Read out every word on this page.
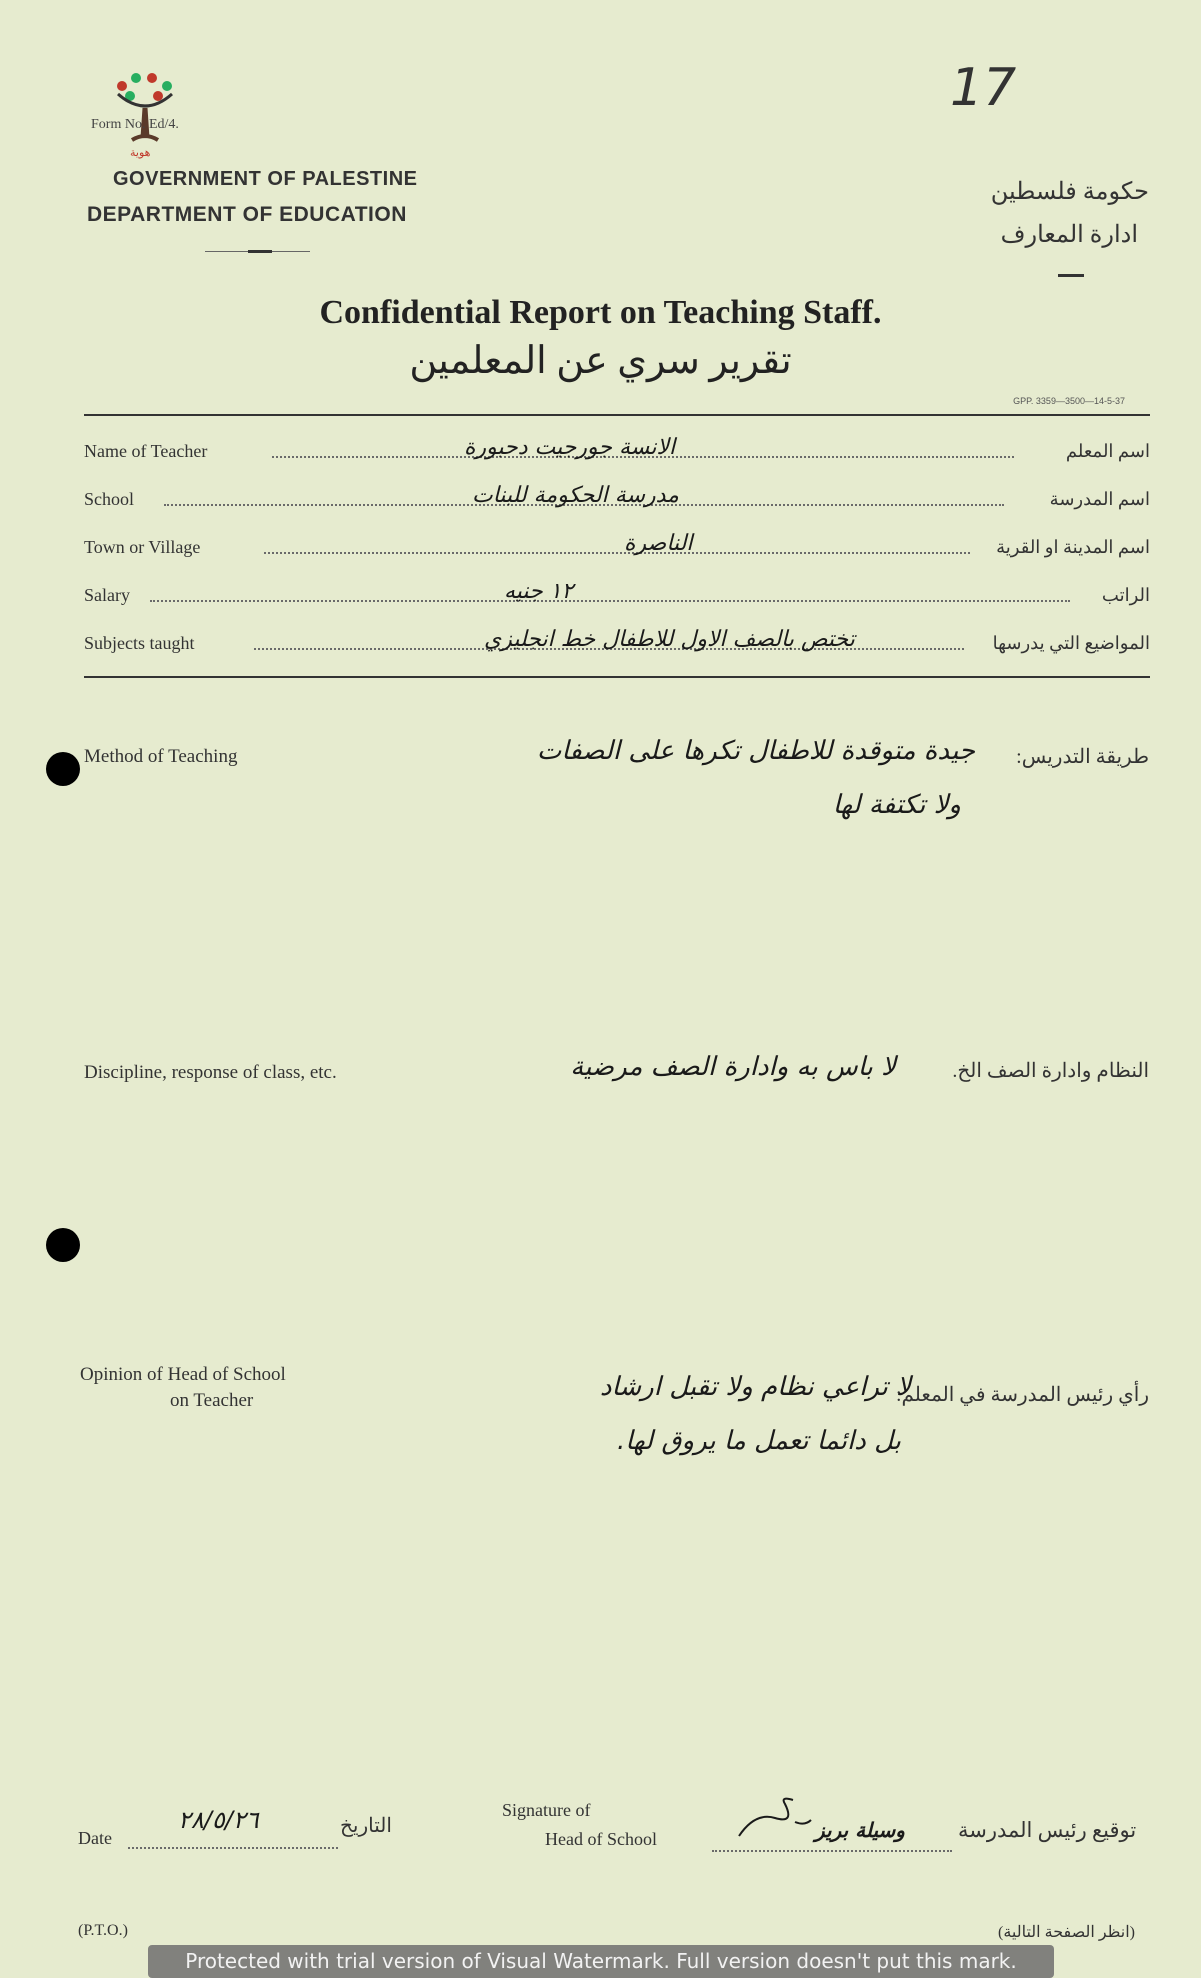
هوية
Form No. Ed/4.
GOVERNMENT OF PALESTINE
DEPARTMENT OF EDUCATION
17
حكومة فلسطين
ادارة المعارف
Confidential Report on Teaching Staff.
تقرير سري عن المعلمين
GPP. 3359—3500—14-5-37
Name of Teacher	الانسة جورجيت دحبورة	اسم المعلم
School	مدرسة الحكومة للبنات	اسم المدرسة
Town or Village	الناصرة	اسم المدينة او القرية
Salary	١٢ جنيه	الراتب
Subjects taught	تختص بالصف الاول للاطفال خط انجليزي	المواضيع التي يدرسها
Method of Teaching	طريقة التدريس:
جيدة متوقدة للاطفال تكرها على الصفات
ولا تكتفة لها
Discipline, response of class, etc.	النظام وادارة الصف الخ.
لا باس به وادارة الصف مرضية
Opinion of Head of School
on Teacher	رأي رئيس المدرسة في المعلم:
لا تراعي نظام ولا تقبل ارشاد
بل دائما تعمل ما يروق لها.
Date
٢٨/٥/٢٦	التاريخ
Signature of
Head of School	وسيلة بريز	توقيع رئيس المدرسة
(P.T.O.)	(انظر الصفحة التالية)
Protected with trial version of Visual Watermark. Full version doesn't put this mark.
